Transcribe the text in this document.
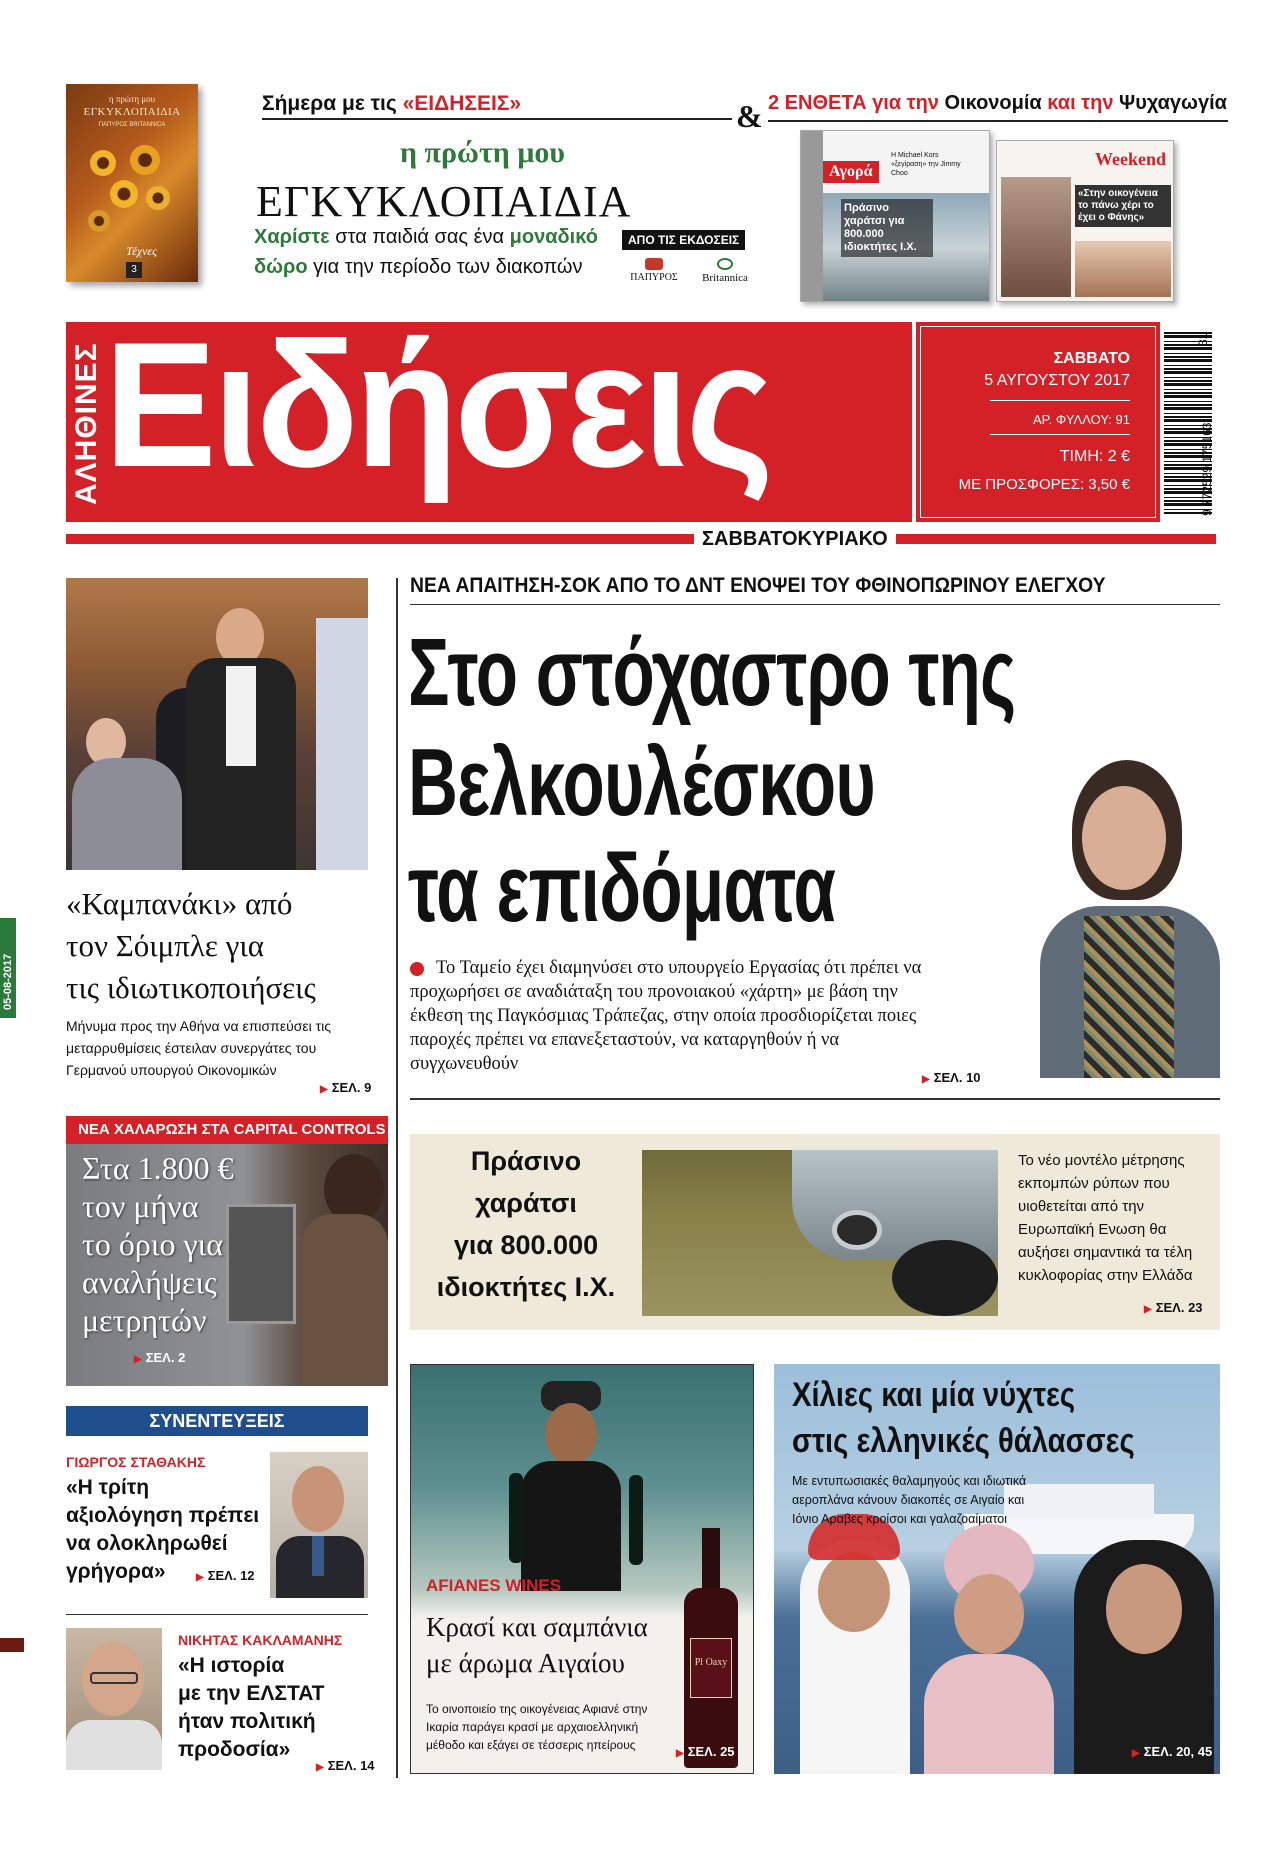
η πρώτη μου
ΕΓΚΥΚΛΟΠΑΙΔΙΑ
ΠΑΠΥΡΟΣ BRITANNICA
Τέχνες
3
Σήμερα με τις «ΕΙΔΗΣΕΙΣ»	& 2 ΕΝΘΕΤΑ για την Οικονομία και την Ψυχαγωγία
η πρώτη μου
ΕΓΚΥΚΛΟΠΑΙΔΙΑ
Χαρίστε στα παιδιά σας ένα μοναδικό
δώρο για την περίοδο των διακοπών
ΑΠΟ ΤΙΣ ΕΚΔΟΣΕΙΣ
ΠΑΠΥΡΟΣ	Britannica
Αγορά
Η Michael Kors «ξεγίραση» την Jimmy Choo
Πράσινο χαράτσι για 800.000 ιδιοκτήτες Ι.Χ.
Weekend
«Στην οικογένεια το πάνω χέρι το έχει ο Φάνης»
ΑΛΗΘΙΝΕΣ Ειδήσεις	ΣΑΒΒΑΤΟ
5 ΑΥΓΟΥΣΤΟΥ 2017
ΑΡ. ΦΥΛΛΟΥ: 91
ΤΙΜΗ: 2 €
ΜΕ ΠΡΟΣΦΟΡΕΣ: 3,50 €	9 772529 175163
31
ΣΑΒΒΑΤΟΚΥΡΙΑΚΟ
05-08-2017
«Καμπανάκι» από
τον Σόιμπλε για
τις ιδιωτικοποιήσεις
Μήνυμα προς την Αθήνα να επισπεύσει τις
μεταρρυθμίσεις έστειλαν συνεργάτες του
Γερμανού υπουργού Οικονομικών
▶ ΣΕΛ. 9
ΝΕΑ ΧΑΛΑΡΩΣΗ ΣΤΑ CAPITAL CONTROLS
Στα 1.800 €
τον μήνα
το όριο για
αναλήψεις
μετρητών
▶ ΣΕΛ. 2
ΣΥΝΕΝΤΕΥΞΕΙΣ
ΓΙΩΡΓΟΣ ΣΤΑΘΑΚΗΣ
«Η τρίτη
αξιολόγηση πρέπει
να ολοκληρωθεί
γρήγορα»	▶ ΣΕΛ. 12
ΝΙΚΗΤΑΣ ΚΑΚΛΑΜΑΝΗΣ
«Η ιστορία
με την ΕΛΣΤΑΤ
ήταν πολιτική
προδοσία»
▶ ΣΕΛ. 14
ΝΕΑ ΑΠΑΙΤΗΣΗ-ΣΟΚ ΑΠΟ ΤΟ ΔΝΤ ΕΝΟΨΕΙ ΤΟΥ ΦΘΙΝΟΠΩΡΙΝΟΥ ΕΛΕΓΧΟΥ
Στο στόχαστρο της
Βελκουλέσκου
τα επιδόματα
Το Ταμείο έχει διαμηνύσει στο υπουργείο Εργασίας ότι πρέπει να προχωρήσει σε αναδιάταξη του προνοιακού «χάρτη» με βάση την έκθεση της Παγκόσμιας Τράπεζας, στην οποία προσδιορίζεται ποιες παροχές πρέπει να επανεξεταστούν, να καταργηθούν ή να συγχωνευθούν
▶ ΣΕΛ. 10
Πράσινο
χαράτσι
για 800.000
ιδιοκτήτες Ι.Χ.
Το νέο μοντέλο μέτρησης
εκπομπών ρύπων που
υιοθετείται από την
Ευρωπαϊκή Ενωση θα
αυξήσει σημαντικά τα τέλη
κυκλοφορίας στην Ελλάδα
▶ ΣΕΛ. 23
Pl Oaxy
AFIANES WINES
Κρασί και σαμπάνια
με άρωμα Αιγαίου
Το οινοποιείο της οικογένειας Αφιανέ στην
Ικαρία παράγει κρασί με αρχαιοελληνική
μέθοδο και εξάγει σε τέσσερις ηπείρους
▶ ΣΕΛ. 25
Χίλιες και μία νύχτες
στις ελληνικές θάλασσες
Με εντυπωσιακές θαλαμηγούς και ιδιωτικά
αεροπλάνα κάνουν διακοπές σε Αιγαίο και
Ιόνιο Αραβες κροίσοι και γαλαζοαίματοι
▶ ΣΕΛ. 20, 45
